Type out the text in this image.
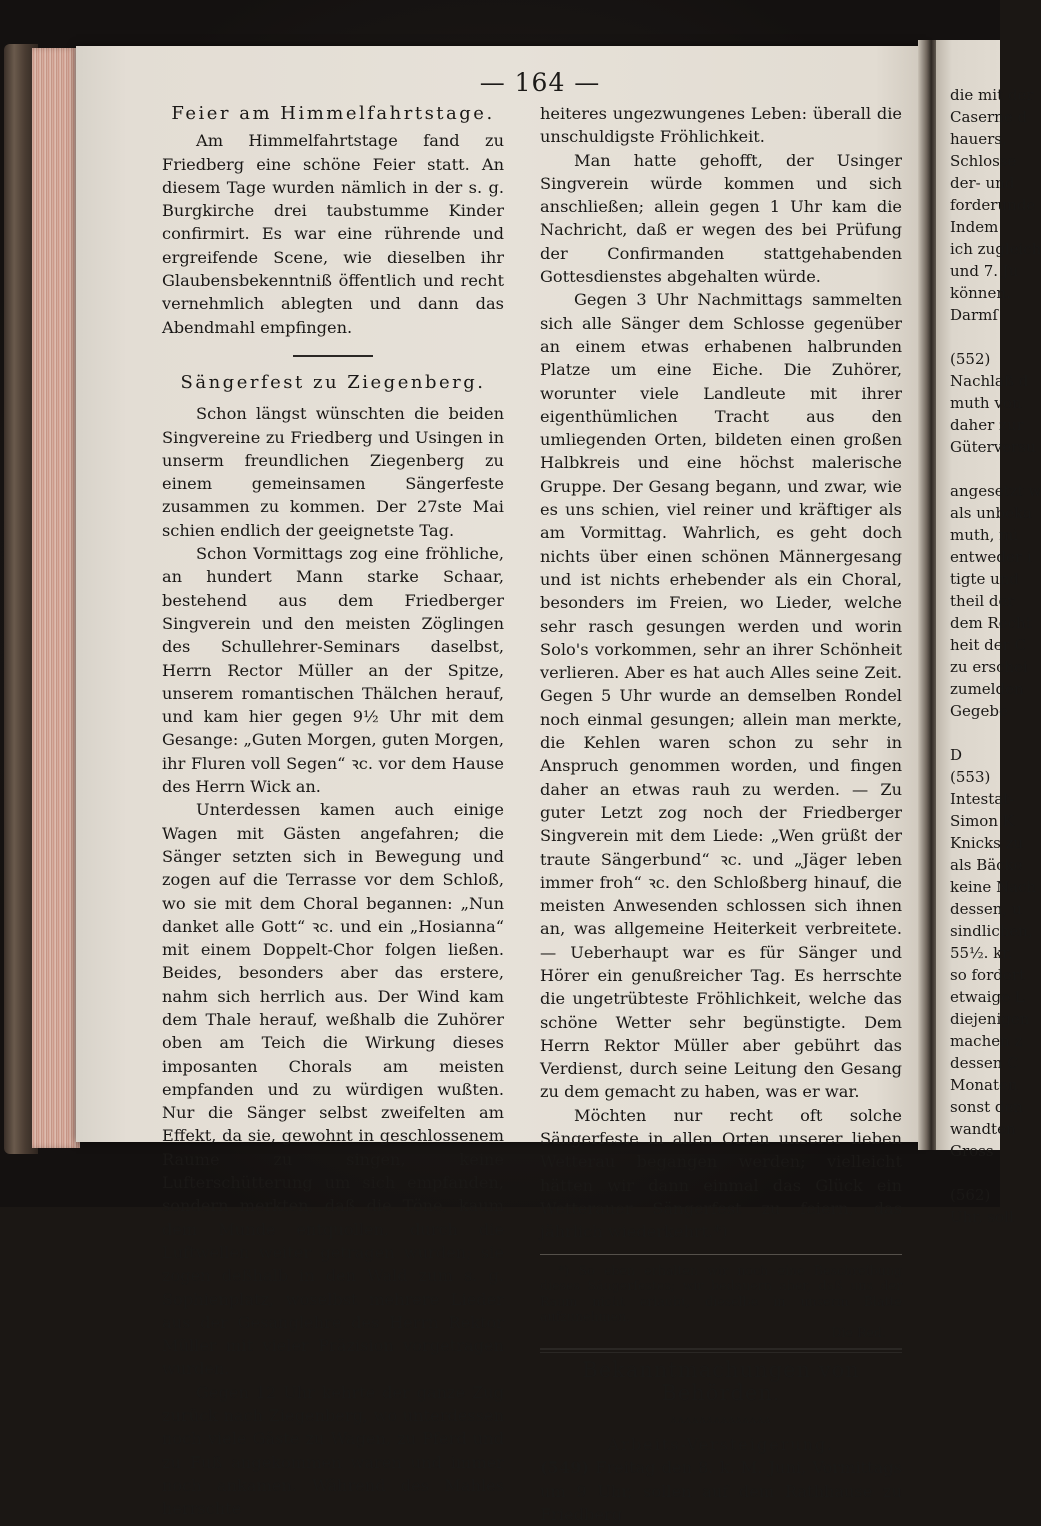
die mit der
Caserne d
hauers,
Schlosse
der- und
forderunde
Indem
ich zugleich
und 7. Ju
können.
Darmſ

(552)
Nachlaß d
muth von
daher zur
Güterversu

angesetzt w
als unbeka
muth, mi
entweder i
tigte und
theil der
dem Recht
heit der C
zu erschei
zumelden
Gegebe

D
(553)
Intestat-
Simon K
Knicks zu
als Bäcke
keine Nach
dessen, u
sindlichen,
55½. kr.
so fordert
etwaige L
diejenigen
machen z
dessen C
Monaten
sonst den
wandten
Gross

(562)
Uhr, soll
— 164 —
Feier am Himmelfahrtstage.

Am Himmelfahrtstage fand zu Friedberg eine schöne Feier statt. An diesem Tage wurden nämlich in der s. g. Burgkirche drei taubstumme Kinder confirmirt. Es war eine rührende und ergreifende Scene, wie dieselben ihr Glaubensbekenntniß öffentlich und recht vernehmlich ablegten und dann das Abendmahl empfingen.

Sängerfest zu Ziegenberg.

Schon längst wünschten die beiden Singvereine zu Friedberg und Usingen in unserm freundlichen Ziegenberg zu einem gemeinsamen Sängerfeste zusammen zu kommen. Der 27ste Mai schien endlich der geeignetste Tag.

Schon Vormittags zog eine fröhliche, an hundert Mann starke Schaar, bestehend aus dem Friedberger Singverein und den meisten Zöglingen des Schullehrer-Seminars daselbst, Herrn Rector Müller an der Spitze, unserem romantischen Thälchen herauf, und kam hier gegen 9½ Uhr mit dem Gesange: „Guten Morgen, guten Morgen, ihr Fluren voll Segen“ ꝛc. vor dem Hause des Herrn Wick an.

Unterdessen kamen auch einige Wagen mit Gästen angefahren; die Sänger setzten sich in Bewegung und zogen auf die Terrasse vor dem Schloß, wo sie mit dem Choral begannen: „Nun danket alle Gott“ ꝛc. und ein „Hosianna“ mit einem Doppelt-Chor folgen ließen. Beides, besonders aber das erstere, nahm sich herrlich aus. Der Wind kam dem Thale herauf, weßhalb die Zuhörer oben am Teich die Wirkung dieses imposanten Chorals am meisten empfanden und zu würdigen wußten. Nur die Sänger selbst zweifelten am Effekt, da sie, gewohnt in geschlossenem Raume zu singen, keine Lufterschütterung um sich empfanden, sondern merkten, daß die Töne, kaum dem Munde entquollen, durch die Luftwellen weiter getragen wurden; sie zogen deßhalb in den Wald zum s. g. Sophienplatz, woselbst mehrere Lieder aus der Gesanglehre des Herrn Rektor Müller mit vieler Präzision vorgetragen wurden.

Gegen 12 Uhr kehrte der ganze Zug zurück nach Ziegenberg, wo unterdessen noch viele Gäste zu Wagen, zu Pferd und zu Fuß angekommen waren und immer noch ankamen. Während des Mahles herrschte

heiteres ungezwungenes Leben: überall die unschuldigste Fröhlichkeit.

Man hatte gehofft, der Usinger Singverein würde kommen und sich anschließen; allein gegen 1 Uhr kam die Nachricht, daß er wegen des bei Prüfung der Confirmanden stattgehabenden Gottesdienstes abgehalten würde.

Gegen 3 Uhr Nachmittags sammelten sich alle Sänger dem Schlosse gegenüber an einem etwas erhabenen halbrunden Platze um eine Eiche. Die Zuhörer, worunter viele Landleute mit ihrer eigenthümlichen Tracht aus den umliegenden Orten, bildeten einen großen Halbkreis und eine höchst malerische Gruppe. Der Gesang begann, und zwar, wie es uns schien, viel reiner und kräftiger als am Vormittag. Wahrlich, es geht doch nichts über einen schönen Männergesang und ist nichts erhebender als ein Choral, besonders im Freien, wo Lieder, welche sehr rasch gesungen werden und worin Solo's vorkommen, sehr an ihrer Schönheit verlieren. Aber es hat auch Alles seine Zeit. Gegen 5 Uhr wurde an demselben Rondel noch einmal gesungen; allein man merkte, die Kehlen waren schon zu sehr in Anspruch genommen worden, und fingen daher an etwas rauh zu werden. — Zu guter Letzt zog noch der Friedberger Singverein mit dem Liede: „Wen grüßt der traute Sängerbund“ ꝛc. und „Jäger leben immer froh“ ꝛc. den Schloßberg hinauf, die meisten Anwesenden schlossen sich ihnen an, was allgemeine Heiterkeit verbreitete. — Ueberhaupt war es für Sänger und Hörer ein genußreicher Tag. Es herrschte die ungetrübteste Fröhlichkeit, welche das schöne Wetter sehr begünstigte. Dem Herrn Rektor Müller aber gebührt das Verdienst, durch seine Leitung den Gesang zu dem gemacht zu haben, was er war.

Möchten nur recht oft solche Sängerfeste in allen Orten unserer lieben Wetterau begangen werden; vielleicht hätten wir dann einmal das Glück ein Wetterauer Sängerfest zu feiern, das jährlich wiederkehrt.*)

*) So eben erhalten wir noch eine Beschreibung dieses Sängerfestes; wir bedauern aber, daß uns der Raum nicht erlaubt, dieselbe in unserm Blatte aufzunehmen.

Die Red.

Bekanntmachungen von Behörden.
ʌʌʌʌʌʌʌʌʌʌʌʌʌʌ
Arbeits-Versteigerung.

(549) Freitag den 8. k. M. Juni, Vormittags um 9 Uhr, sollen auf dem Rathhause zu Friedberg
